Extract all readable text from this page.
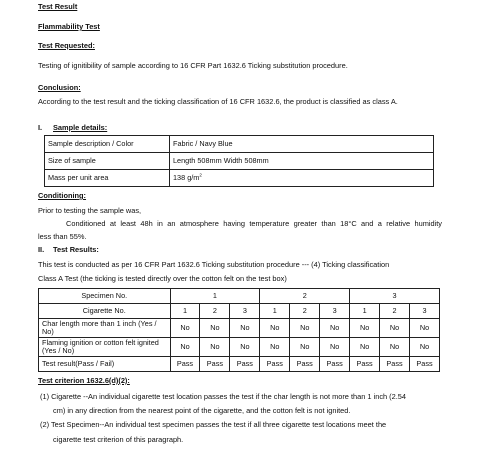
Test Result
Flammability Test
Test Requested:
Testing of ignitibility of sample according to 16 CFR Part 1632.6 Ticking substitution procedure.
Conclusion:
According to the test result and the ticking classification of 16 CFR 1632.6, the product is classified as class A.
I. Sample details:
Sample description / Color	Fabric / Navy Blue
Size of sample	Length 508mm Width 508mm
Mass per unit area	138 $g/m^2$
Conditioning:
Prior to testing the sample was,
Conditioned at least 48h in an atmosphere having temperature greater than 18°C and a relative humidity
less than 55%.
II. Test Results:
This test is conducted as per 16 CFR Part 1632.6 Ticking substitution procedure --- (4) Ticking classification
Class A Test (the ticking is tested directly over the cotton felt on the test box)
Specimen No.	1			2			3		
Cigarette No.	1	2	3	1	2	3	1	2	3
Char length more than 1 inch (Yes / No)	No	No	No	No	No	No	No	No	No
Flaming ignition or cotton felt ignited (Yes / No)	No	No	No	No	No	No	No	No	No
Test result(Pass / Fail)	Pass	Pass	Pass	Pass	Pass	Pass	Pass	Pass	Pass
Test criterion 1632.6(d)(2):
(1) Cigarette --An individual cigarette test location passes the test if the char length is not more than 1 inch (2.54
cm) in any direction from the nearest point of the cigarette, and the cotton felt is not ignited.
(2) Test Specimen--An individual test specimen passes the test if all three cigarette test locations meet the
cigarette test criterion of this paragraph.
